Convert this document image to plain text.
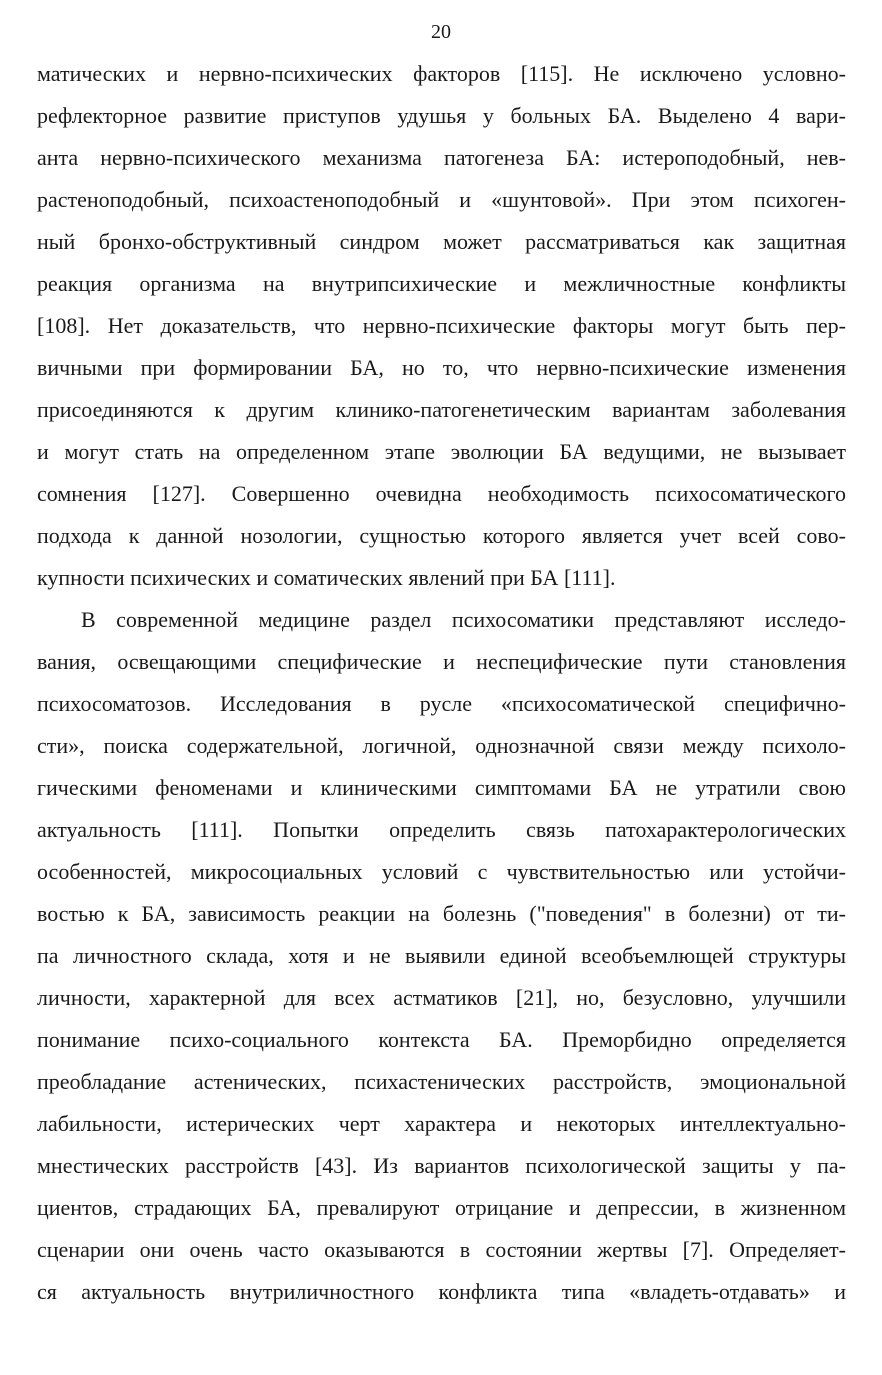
20
матических и нервно-психических факторов [115]. Не исключено условно-
рефлекторное развитие приступов удушья у больных БА. Выделено 4 вари-
анта нервно-психического механизма патогенеза БА: истероподобный, нев-
растеноподобный, психоастеноподобный и «шунтовой». При этом психоген-
ный бронхо-обструктивный синдром может рассматриваться как защитная
реакция организма на внутрипсихические и межличностные конфликты
[108]. Нет доказательств, что нервно-психические факторы могут быть пер-
вичными при формировании БА, но то, что нервно-психические изменения
присоединяются к другим клинико-патогенетическим вариантам заболевания
и могут стать на определенном этапе эволюции БА ведущими, не вызывает
сомнения [127]. Совершенно очевидна необходимость психосоматического
подхода к данной нозологии, сущностью которого является учет всей сово-
купности психических и соматических явлений при БА [111].
В современной медицине раздел психосоматики представляют исследо-
вания, освещающими специфические и неспецифические пути становления
психосоматозов. Исследования в русле «психосоматической специфично-
сти», поиска содержательной, логичной, однозначной связи между психоло-
гическими феноменами и клиническими симптомами БА не утратили свою
актуальность [111]. Попытки определить связь патохарактерологических
особенностей, микросоциальных условий с чувствительностью или устойчи-
востью к БА, зависимость реакции на болезнь ("поведения" в болезни) от ти-
па личностного склада, хотя и не выявили единой всеобъемлющей структуры
личности, характерной для всех астматиков [21], но, безусловно, улучшили
понимание психо-социального контекста БА. Преморбидно определяется
преобладание астенических, психастенических расстройств, эмоциональной
лабильности, истерических черт характера и некоторых интеллектуально-
мнестических расстройств [43]. Из вариантов психологической защиты у па-
циентов, страдающих БА, превалируют отрицание и депрессии, в жизненном
сценарии они очень часто оказываются в состоянии жертвы [7]. Определяет-
ся актуальность внутриличностного конфликта типа «владеть-отдавать» и
